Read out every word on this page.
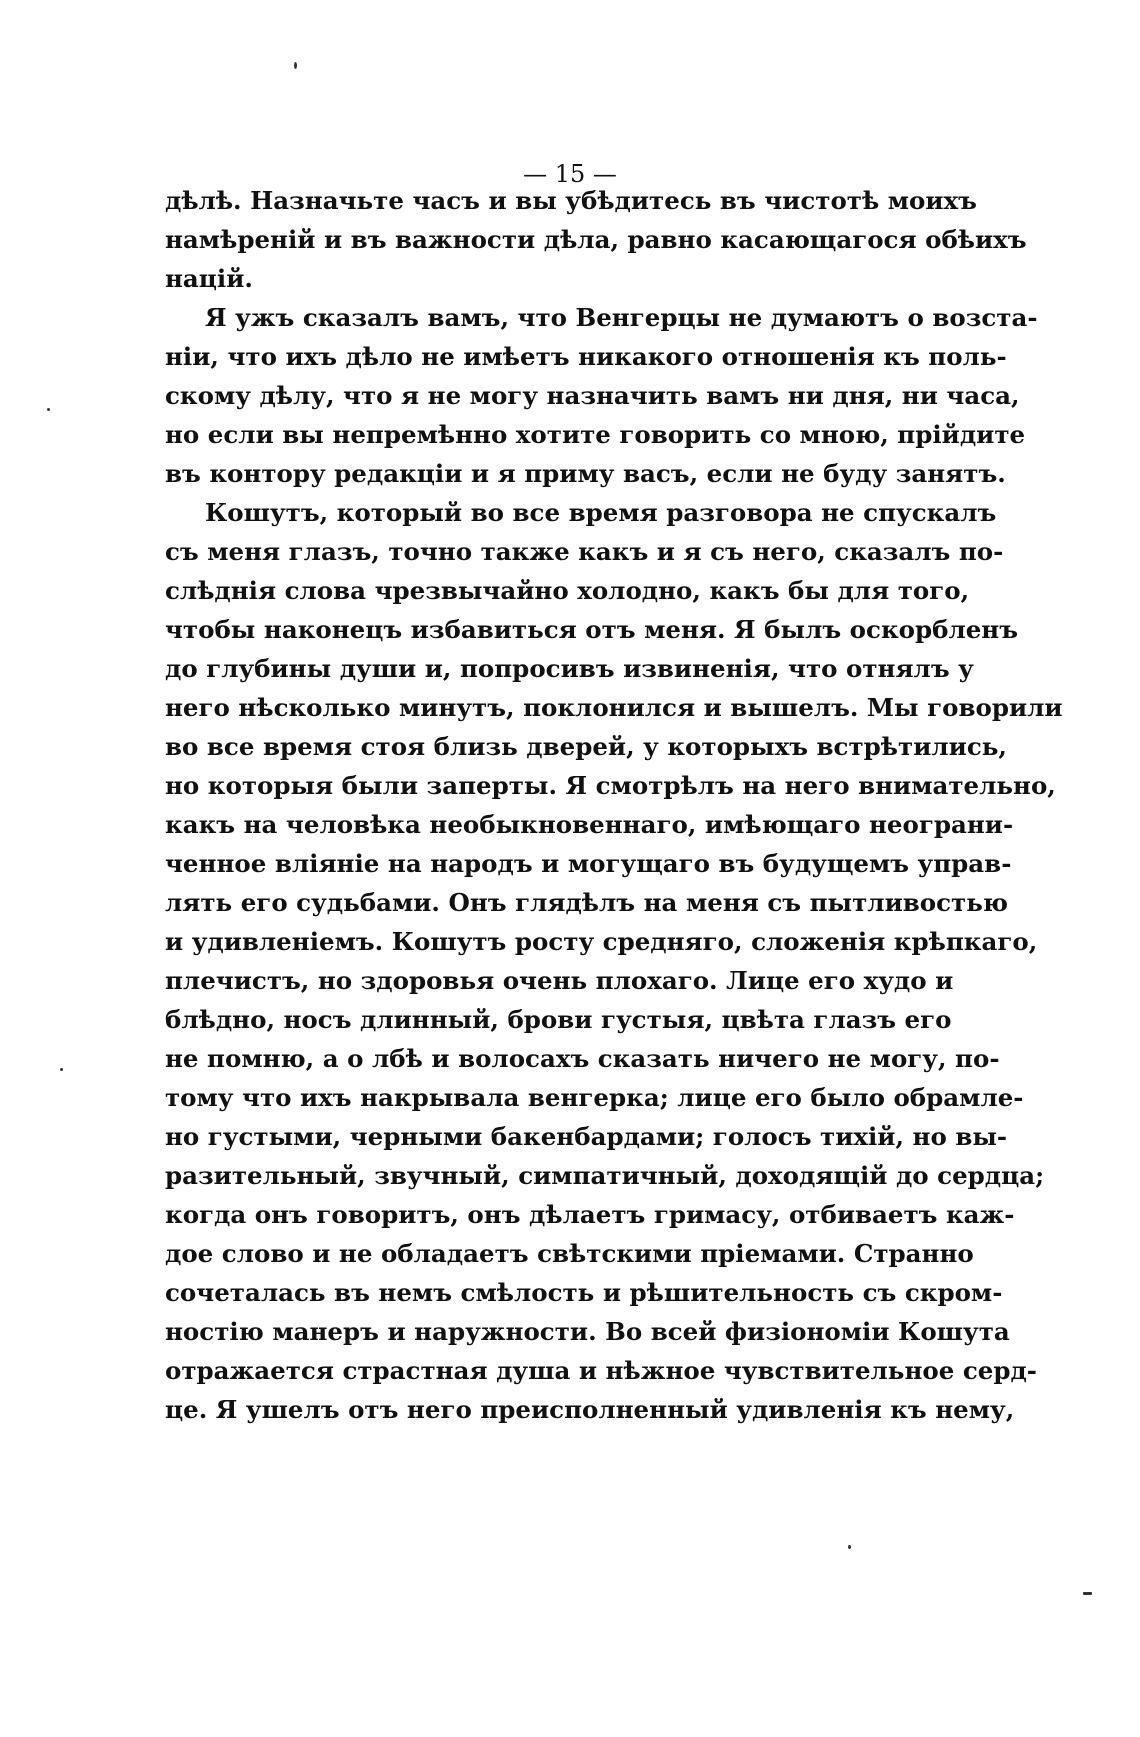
— 15 —
дѣлѣ. Назначьте часъ и вы убѣдитесь въ чистотѣ моихъ
намѣреній и въ важности дѣла, равно касающагося обѣихъ
націй.
Я ужъ сказалъ вамъ, что Венгерцы не думаютъ о возста-
ніи, что ихъ дѣло не имѣетъ никакого отношенія къ поль-
скому дѣлу, что я не могу назначить вамъ ни дня, ни часа,
но если вы непремѣнно хотите говорить со мною, прійдите
въ контору редакціи и я приму васъ, если не буду занятъ.
Кошутъ, который во все время разговора не спускалъ
съ меня глазъ, точно также какъ и я съ него, сказалъ по-
слѣднія слова чрезвычайно холодно, какъ бы для того,
чтобы наконецъ избавиться отъ меня. Я былъ оскорбленъ
до глубины души и, попросивъ извиненія, что отнялъ у
него нѣсколько минутъ, поклонился и вышелъ. Мы говорили
во все время стоя близь дверей, у которыхъ встрѣтились,
но которыя были заперты. Я смотрѣлъ на него внимательно,
какъ на человѣка необыкновеннаго, имѣющаго неограни-
ченное вліяніе на народъ и могущаго въ будущемъ управ-
лять его судьбами. Онъ глядѣлъ на меня съ пытливостью
и удивленіемъ. Кошутъ росту средняго, сложенія крѣпкаго,
плечистъ, но здоровья очень плохаго. Лице его худо и
блѣдно, носъ длинный, брови густыя, цвѣта глазъ его
не помню, а о лбѣ и волосахъ сказать ничего не могу, по-
тому что ихъ накрывала венгерка; лице его было обрамле-
но густыми, черными бакенбардами; голосъ тихій, но вы-
разительный, звучный, симпатичный, доходящій до сердца;
когда онъ говоритъ, онъ дѣлаетъ гримасу, отбиваетъ каж-
дое слово и не обладаетъ свѣтскими пріемами. Странно
сочеталась въ немъ смѣлость и рѣшительность съ скром-
ностію манеръ и наружности. Во всей физіономіи Кошута
отражается страстная душа и нѣжное чувствительное серд-
це. Я ушелъ отъ него преисполненный удивленія къ нему,
